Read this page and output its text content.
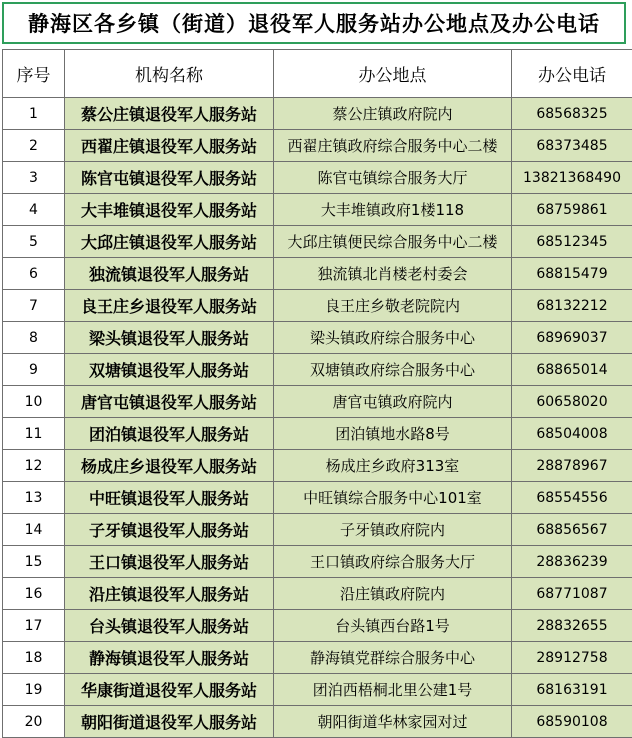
静海区各乡镇（街道）退役军人服务站办公地点及办公电话
序号	机构名称	办公地点	办公电话
1	蔡公庄镇退役军人服务站	蔡公庄镇政府院内	68568325
2	西翟庄镇退役军人服务站	西翟庄镇政府综合服务中心二楼	68373485
3	陈官屯镇退役军人服务站	陈官屯镇综合服务大厅	13821368490
4	大丰堆镇退役军人服务站	大丰堆镇政府1楼118	68759861
5	大邱庄镇退役军人服务站	大邱庄镇便民综合服务中心二楼	68512345
6	独流镇退役军人服务站	独流镇北肖楼老村委会	68815479
7	良王庄乡退役军人服务站	良王庄乡敬老院院内	68132212
8	梁头镇退役军人服务站	梁头镇政府综合服务中心	68969037
9	双塘镇退役军人服务站	双塘镇政府综合服务中心	68865014
10	唐官屯镇退役军人服务站	唐官屯镇政府院内	60658020
11	团泊镇退役军人服务站	团泊镇地水路8号	68504008
12	杨成庄乡退役军人服务站	杨成庄乡政府313室	28878967
13	中旺镇退役军人服务站	中旺镇综合服务中心101室	68554556
14	子牙镇退役军人服务站	子牙镇政府院内	68856567
15	王口镇退役军人服务站	王口镇政府综合服务大厅	28836239
16	沿庄镇退役军人服务站	沿庄镇政府院内	68771087
17	台头镇退役军人服务站	台头镇西台路1号	28832655
18	静海镇退役军人服务站	静海镇党群综合服务中心	28912758
19	华康街道退役军人服务站	团泊西梧桐北里公建1号	68163191
20	朝阳街道退役军人服务站	朝阳街道华林家园对过	68590108
